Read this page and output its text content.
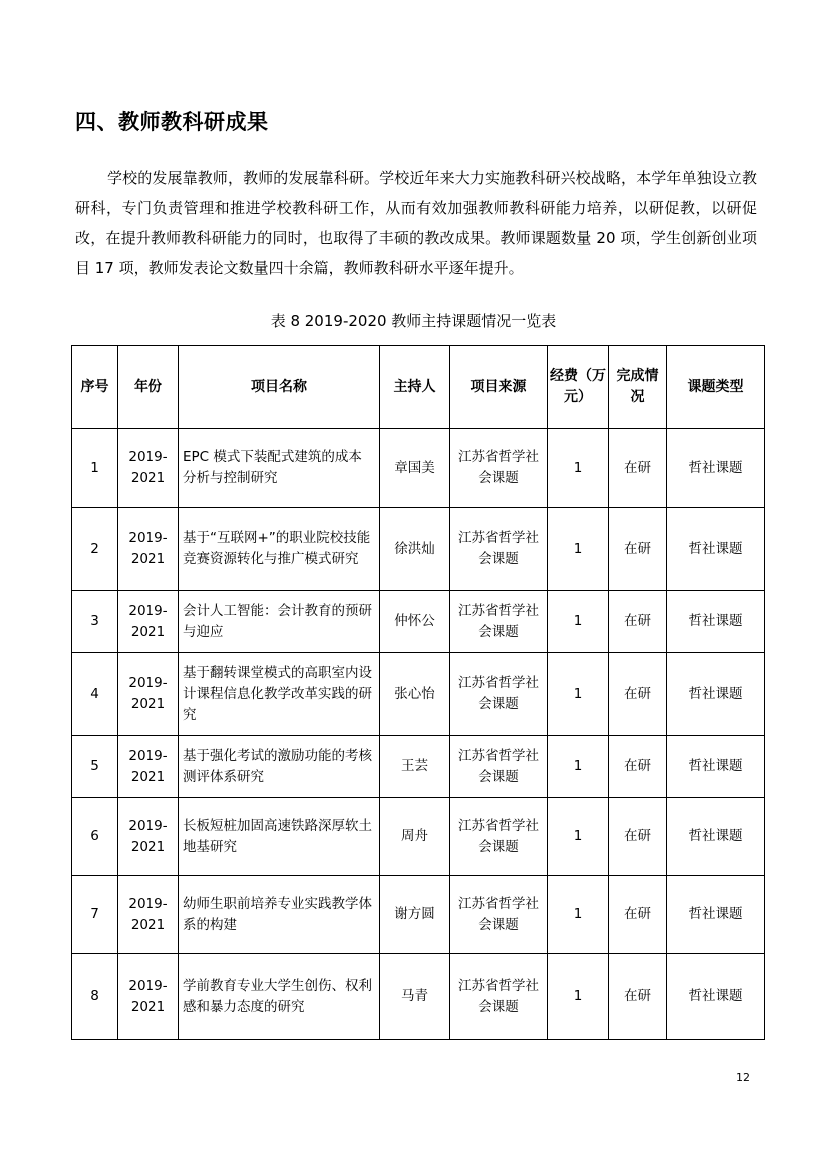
四、教师教科研成果

学校的发展靠教师，教师的发展靠科研。学校近年来大力实施教科研兴校战略，本学年单独设立教研科，专门负责管理和推进学校教科研工作，从而有效加强教师教科研能力培养，以研促教，以研促改，在提升教师教科研能力的同时，也取得了丰硕的教改成果。教师课题数量 20 项，学生创新创业项目 17 项，教师发表论文数量四十余篇，教师教科研水平逐年提升。

表 8 2019-2020 教师主持课题情况一览表
序号	年份	项目名称	主持人	项目来源	经费（万元）	完成情况	课题类型
1	2019-2021	EPC 模式下装配式建筑的成本分析与控制研究	章国美	江苏省哲学社会课题	1	在研	哲社课题
2	2019-2021	基于“互联网+”的职业院校技能竞赛资源转化与推广模式研究	徐洪灿	江苏省哲学社会课题	1	在研	哲社课题
3	2019-2021	会计人工智能：会计教育的预研与迎应	仲怀公	江苏省哲学社会课题	1	在研	哲社课题
4	2019-2021	基于翻转课堂模式的高职室内设计课程信息化教学改革实践的研究	张心怡	江苏省哲学社会课题	1	在研	哲社课题
5	2019-2021	基于强化考试的激励功能的考核测评体系研究	王芸	江苏省哲学社会课题	1	在研	哲社课题
6	2019-2021	长板短桩加固高速铁路深厚软土地基研究	周舟	江苏省哲学社会课题	1	在研	哲社课题
7	2019-2021	幼师生职前培养专业实践教学体系的构建	谢方圆	江苏省哲学社会课题	1	在研	哲社课题
8	2019-2021	学前教育专业大学生创伤、权利感和暴力态度的研究	马青	江苏省哲学社会课题	1	在研	哲社课题
12
